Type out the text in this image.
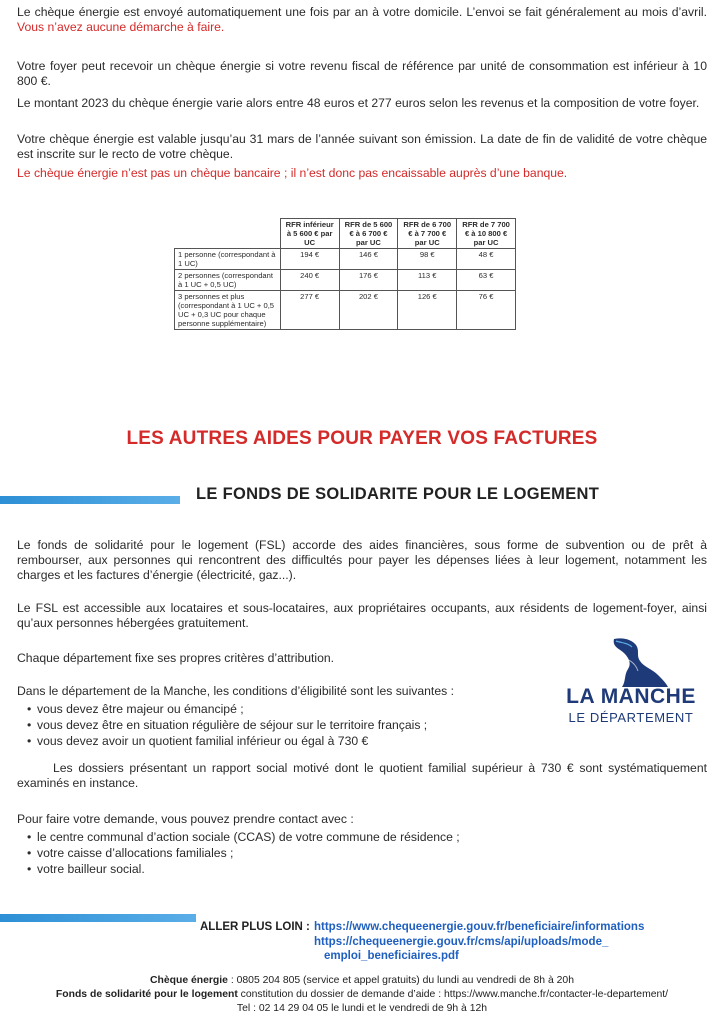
Le chèque énergie est envoyé automatiquement une fois par an à votre domicile. L’envoi se fait généralement au mois d’avril. Vous n’avez aucune démarche à faire.
Votre foyer peut recevoir un chèque énergie si votre revenu fiscal de référence par unité de consommation est inférieur à 10 800 €.
Le montant 2023 du chèque énergie varie alors entre 48 euros et 277 euros selon les revenus et la composition de votre foyer.
Votre chèque énergie est valable jusqu’au 31 mars de l’année suivant son émission. La date de fin de validité de votre chèque est inscrite sur le recto de votre chèque.
Le chèque énergie n’est pas un chèque bancaire ; il n’est donc pas encaissable auprès d’une banque.
	RFR inférieur à 5 600 € par UC	RFR de 5 600 € à 6 700 € par UC	RFR de 6 700 € à 7 700 € par UC	RFR de 7 700 € à 10 800 € par UC
1 personne (correspondant à 1 UC)	194 €	146 €	98 €	48 €
2 personnes (correspondant à 1 UC + 0,5 UC)	240 €	176 €	113 €	63 €
3 personnes et plus (correspondant à 1 UC + 0,5 UC + 0,3 UC pour chaque personne supplémentaire)	277 €	202 €	126 €	76 €
LES AUTRES AIDES POUR PAYER VOS FACTURES
LE FONDS DE SOLIDARITE POUR LE LOGEMENT
Le fonds de solidarité pour le logement (FSL) accorde des aides financières, sous forme de subvention ou de prêt à rembourser, aux personnes qui rencontrent des difficultés pour payer les dépenses liées à leur logement, notamment les charges et les factures d’énergie (électricité, gaz...).
Le FSL est accessible aux locataires et sous-locataires, aux propriétaires occupants, aux résidents de logement-foyer, ainsi qu’aux personnes hébergées gratuitement.
Chaque département fixe ses propres critères d’attribution.
Dans le département de la Manche, les conditions d’éligibilité sont les suivantes :
• vous devez être majeur ou émancipé ;
• vous devez être en situation régulière de séjour sur le territoire français ;
• vous devez avoir un quotient familial inférieur ou égal à 730 €
Les dossiers présentant un rapport social motivé dont le quotient familial supérieur à 730 € sont systématiquement examinés en instance.
Pour faire votre demande, vous pouvez prendre contact avec :
• le centre communal d’action sociale (CCAS) de votre commune de résidence ;
• votre caisse d’allocations familiales ;
• votre bailleur social.
LA MANCHE
LE DÉPARTEMENT
ALLER PLUS LOIN : https://www.chequeenergie.gouv.fr/beneficiaire/informations
https://chequeenergie.gouv.fr/cms/api/uploads/mode_
emploi_beneficiaires.pdf
Chèque énergie : 0805 204 805 (service et appel gratuits) du lundi au vendredi de 8h à 20h
Fonds de solidarité pour le logement constitution du dossier de demande d’aide : https://www.manche.fr/contacter-le-departement/
Tel : 02 14 29 04 05 le lundi et le vendredi de 9h à 12h
